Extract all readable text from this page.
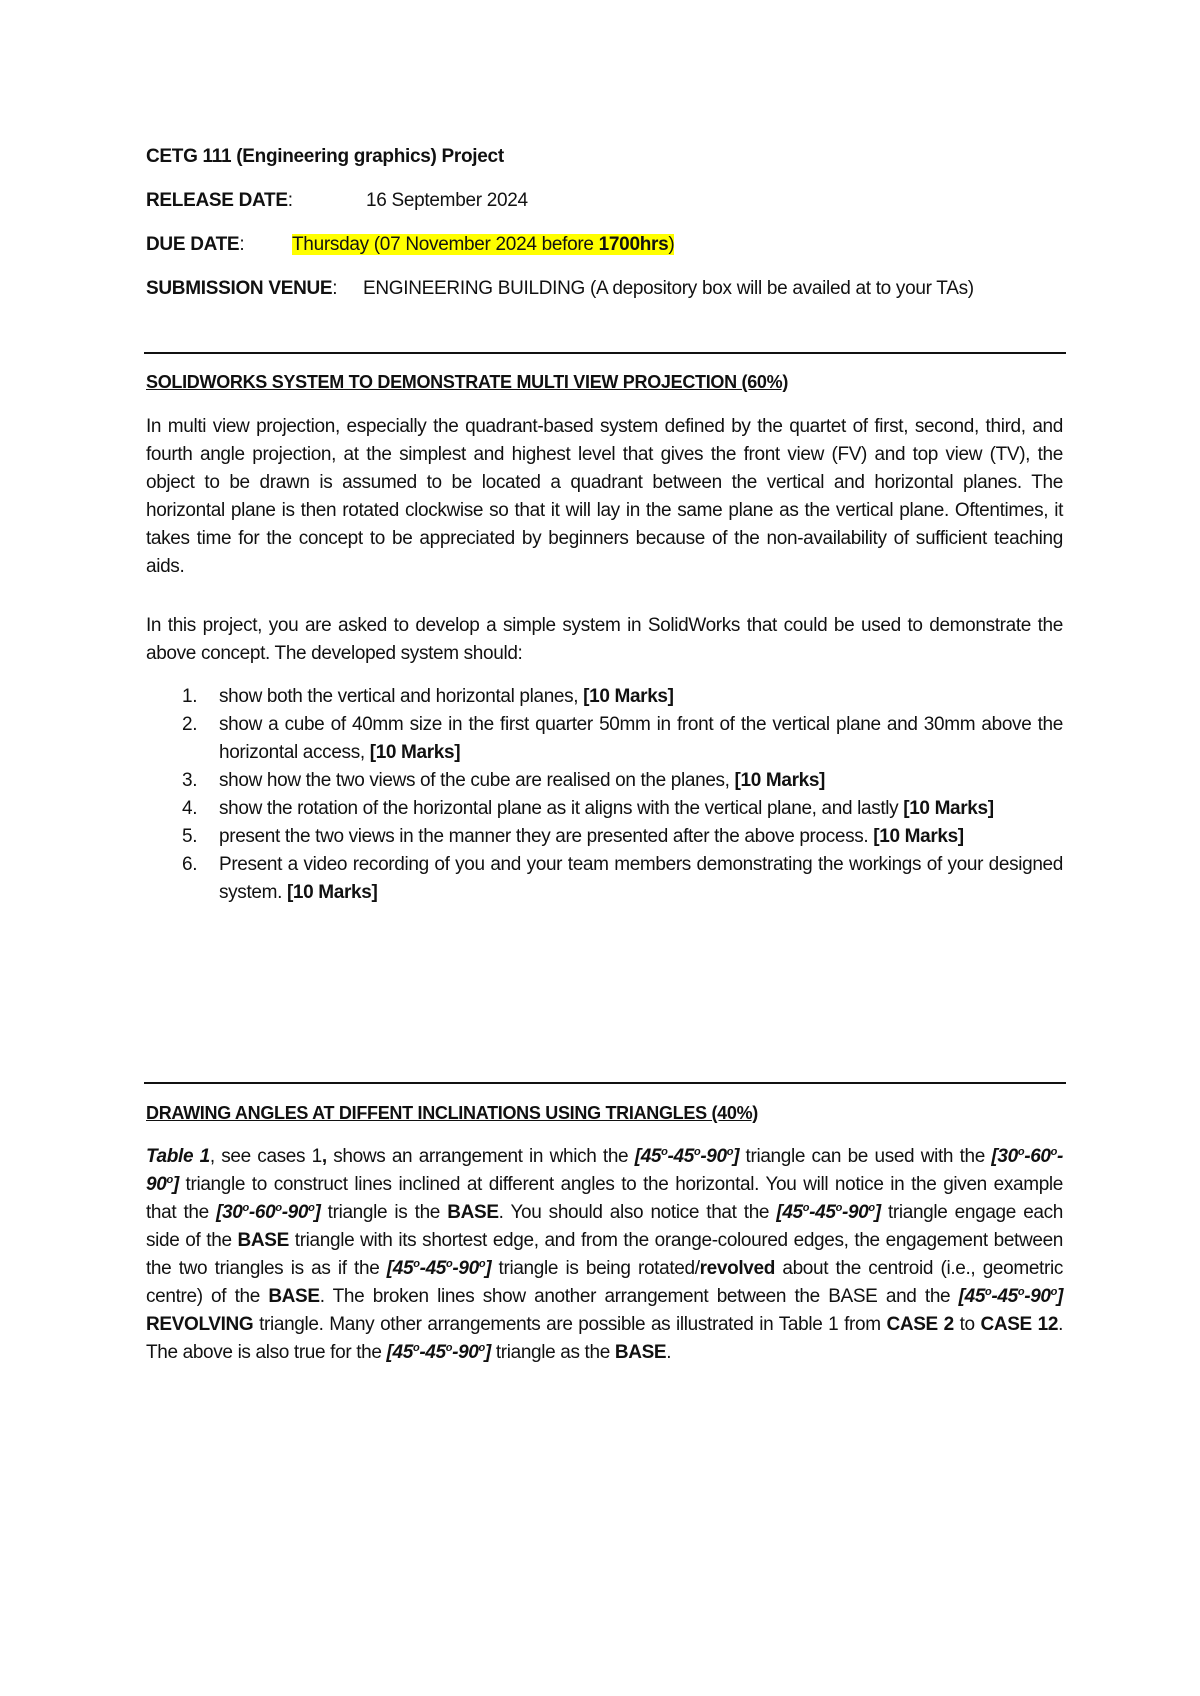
CETG 111 (Engineering graphics) Project
RELEASE DATE:	16 September 2024
DUE DATE:	Thursday (07 November 2024 before 1700hrs)
SUBMISSION VENUE: ENGINEERING BUILDING (A depository box will be availed at to your TAs)
SOLIDWORKS SYSTEM TO DEMONSTRATE MULTI VIEW PROJECTION (60%)

In multi view projection, especially the quadrant-based system defined by the quartet of first, second, third, and fourth angle projection, at the simplest and highest level that gives the front view (FV) and top view (TV), the object to be drawn is assumed to be located a quadrant between the vertical and horizontal planes. The horizontal plane is then rotated clockwise so that it will lay in the same plane as the vertical plane. Oftentimes, it takes time for the concept to be appreciated by beginners because of the non-availability of sufficient teaching aids.

In this project, you are asked to develop a simple system in SolidWorks that could be used to demonstrate the above concept. The developed system should:

1. show both the vertical and horizontal planes, [10 Marks]
2. show a cube of 40mm size in the first quarter 50mm in front of the vertical plane and 30mm above the horizontal access, [10 Marks]
3. show how the two views of the cube are realised on the planes, [10 Marks]
4. show the rotation of the horizontal plane as it aligns with the vertical plane, and lastly [10 Marks]
5. present the two views in the manner they are presented after the above process. [10 Marks]
6. Present a video recording of you and your team members demonstrating the workings of your designed system. [10 Marks]
DRAWING ANGLES AT DIFFENT INCLINATIONS USING TRIANGLES (40%)

Table 1, see cases 1, shows an arrangement in which the [45$^o$-45$^o$-90$^o$] triangle can be used with the [30$^o$-60$^o$-90$^o$] triangle to construct lines inclined at different angles to the horizontal. You will notice in the given example that the [30$^o$-60$^o$-90$^o$] triangle is the BASE. You should also notice that the [45$^o$-45$^o$-90$^o$] triangle engage each side of the BASE triangle with its shortest edge, and from the orange-coloured edges, the engagement between the two triangles is as if the [45$^o$-45$^o$-90$^o$] triangle is being rotated/revolved about the centroid (i.e., geometric centre) of the BASE. The broken lines show another arrangement between the BASE and the [45$^o$-45$^o$-90$^o$] REVOLVING triangle. Many other arrangements are possible as illustrated in Table 1 from CASE 2 to CASE 12. The above is also true for the [45$^o$-45$^o$-90$^o$] triangle as the BASE.
